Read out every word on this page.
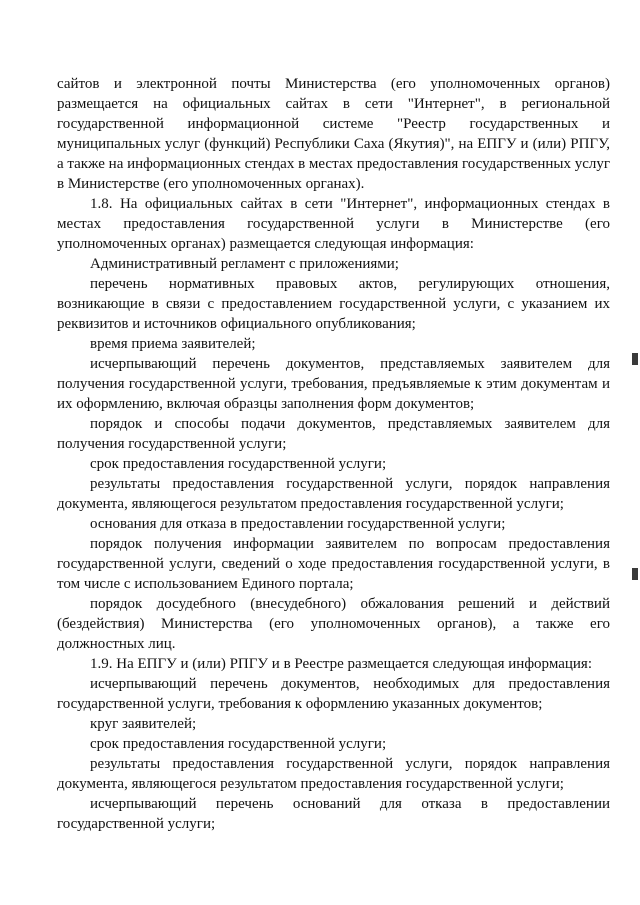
сайтов и электронной почты Министерства (его уполномоченных органов) размещается на официальных сайтах в сети "Интернет", в региональной государственной информационной системе "Реестр государственных и муниципальных услуг (функций) Республики Саха (Якутия)", на ЕПГУ и (или) РПГУ, а также на информационных стендах в местах предоставления государственных услуг в Министерстве (его уполномоченных органах).

1.8. На официальных сайтах в сети "Интернет", информационных стендах в местах предоставления государственной услуги в Министерстве (его уполномоченных органах) размещается следующая информация:

Административный регламент с приложениями;

перечень нормативных правовых актов, регулирующих отношения, возникающие в связи с предоставлением государственной услуги, с указанием их реквизитов и источников официального опубликования;

время приема заявителей;

исчерпывающий перечень документов, представляемых заявителем для получения государственной услуги, требования, предъявляемые к этим документам и их оформлению, включая образцы заполнения форм документов;

порядок и способы подачи документов, представляемых заявителем для получения государственной услуги;

срок предоставления государственной услуги;

результаты предоставления государственной услуги, порядок направления документа, являющегося результатом предоставления государственной услуги;

основания для отказа в предоставлении государственной услуги;

порядок получения информации заявителем по вопросам предоставления государственной услуги, сведений о ходе предоставления государственной услуги, в том числе с использованием Единого портала;

порядок досудебного (внесудебного) обжалования решений и действий (бездействия) Министерства (его уполномоченных органов), а также его должностных лиц.

1.9. На ЕПГУ и (или) РПГУ и в Реестре размещается следующая информация:

исчерпывающий перечень документов, необходимых для предоставления государственной услуги, требования к оформлению указанных документов;

круг заявителей;

срок предоставления государственной услуги;

результаты предоставления государственной услуги, порядок направления документа, являющегося результатом предоставления государственной услуги;

исчерпывающий перечень оснований для отказа в предоставлении государственной услуги;
